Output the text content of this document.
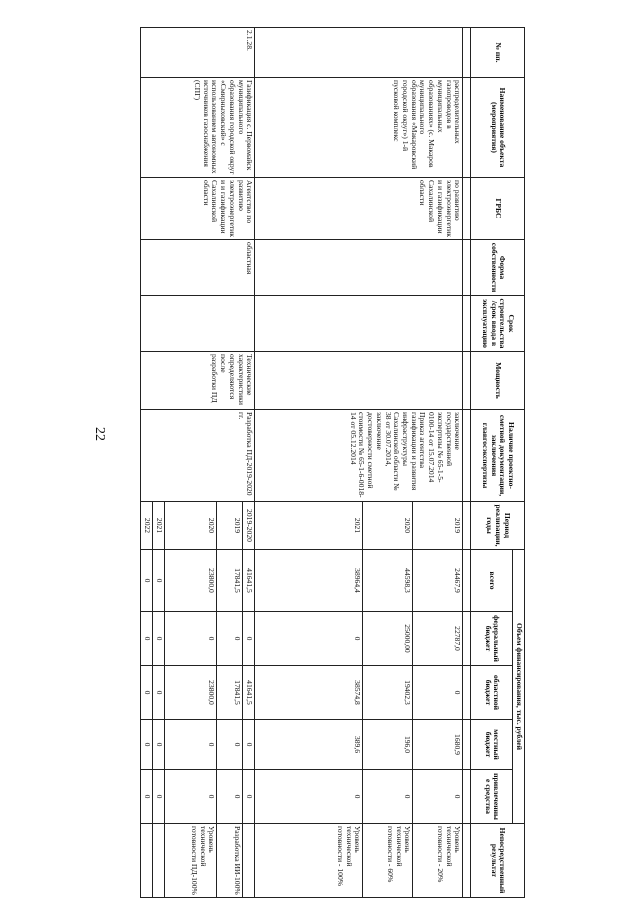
22
№ пп.	Наименование объекта (мероприятия)	ГРБС	Форма собственности	Срок строительства/срок ввода в эксплуатацию	Мощность	Наличие проектно-сметной документации, заключения главгосэкспертизы	Период реализации, годы	Объем финансирования, тыс. рублей					Непосредственный результат
								всего	федеральный бюджет	областной бюджет	местный бюджет	привлеченные средства	

	распределительных газопроводов в муниципальных образованиях» (с. Макаров муниципального образования «Макаровский городской округ») 1-й пусковой комплекс	по развитию электроэнергетики и газификации Сахалинской области				заключение государственной экспертизы № 65-1-5-0100-14 от 15.07.2014 Приказ агентства газификации и развития инфраструктуры Сахалинской области № 38 от 30.07.2014, заключение достоверности сметной стоимости № 65-1-6-0018-14 от 05.12.2014	2019	24467,9	22787,0	0	1680,9	0	Уровень технической готовности - 20%
							2020	44598,3	25000,00	19402,3	196,0	0	Уровень технической готовности - 60%
							2021	38964,4	0	38574,8	389,6	0	Уровень технической готовности - 100%
2.1.28.	Газификация с. Первомайск муниципального образования городской округ «Смирныховский» с использованием автономных источников газоснабжения (СПГ)	Агентство по развитию электроэнергетики и газификации Сахалинской области	областная		Технические характеристики определяются после разработки ПД	Разработка ПД-2019-2020 гг.	2019-2020	41641,5	0	41641,5	0	0	
							2019	17841,5	0	17841,5	0	0	Разработка ИИ-100%
							2020	23800,0	0	23800,0	0	0	Уровень технической готовности ПД-100%
							2021	0	0	0	0	0	
							2022	0	0	0	0	0	
